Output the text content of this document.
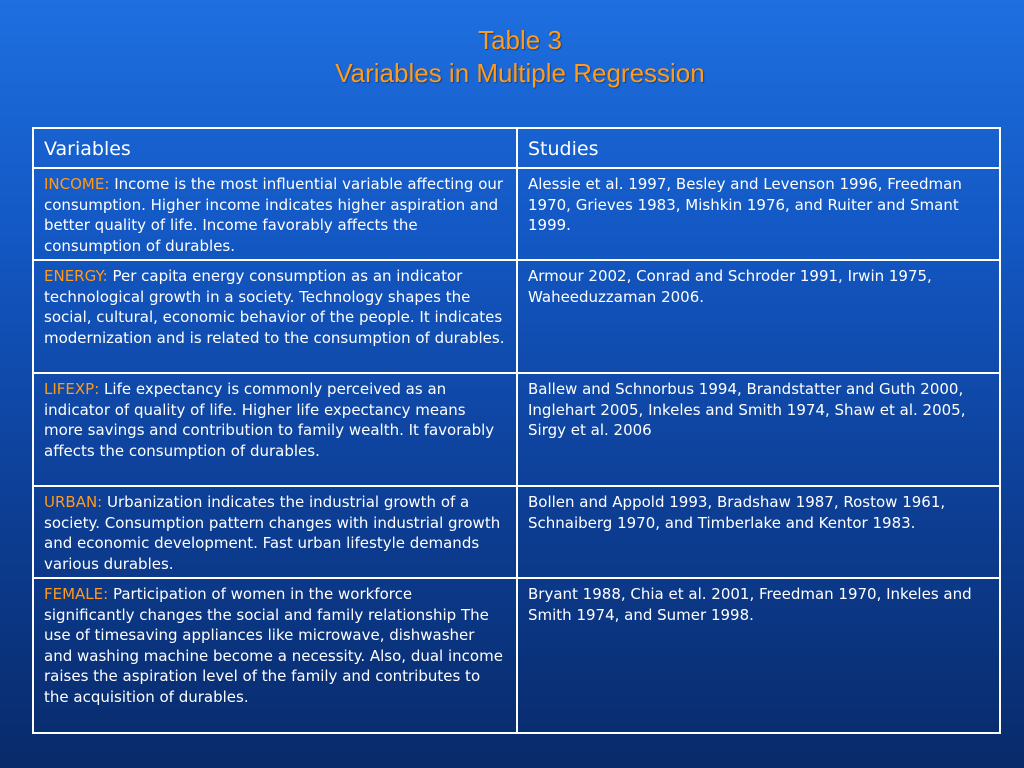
Table 3
Variables in Multiple Regression
Variables	Studies
INCOME: Income is the most influential variable affecting our consumption. Higher income indicates higher aspiration and better quality of life. Income favorably affects the consumption of durables.	Alessie et al. 1997, Besley and Levenson 1996, Freedman 1970, Grieves 1983, Mishkin 1976, and Ruiter and Smant 1999.
ENERGY: Per capita energy consumption as an indicator technological growth in a society. Technology shapes the social, cultural, economic behavior of the people. It indicates modernization and is related to the consumption of durables.	Armour 2002, Conrad and Schroder 1991, Irwin 1975, Waheeduzzaman 2006.
LIFEXP: Life expectancy is commonly perceived as an indicator of quality of life. Higher life expectancy means more savings and contribution to family wealth. It favorably affects the consumption of durables.	Ballew and Schnorbus 1994, Brandstatter and Guth 2000, Inglehart 2005, Inkeles and Smith 1974, Shaw et al. 2005, Sirgy et al. 2006
URBAN: Urbanization indicates the industrial growth of a society. Consumption pattern changes with industrial growth and economic development. Fast urban lifestyle demands various durables.	Bollen and Appold 1993, Bradshaw 1987, Rostow 1961, Schnaiberg 1970, and Timberlake and Kentor 1983.
FEMALE: Participation of women in the workforce significantly changes the social and family relationship The use of timesaving appliances like microwave, dishwasher and washing machine become a necessity. Also, dual income raises the aspiration level of the family and contributes to the acquisition of durables.	Bryant 1988, Chia et al. 2001, Freedman 1970, Inkeles and Smith 1974, and Sumer 1998.
